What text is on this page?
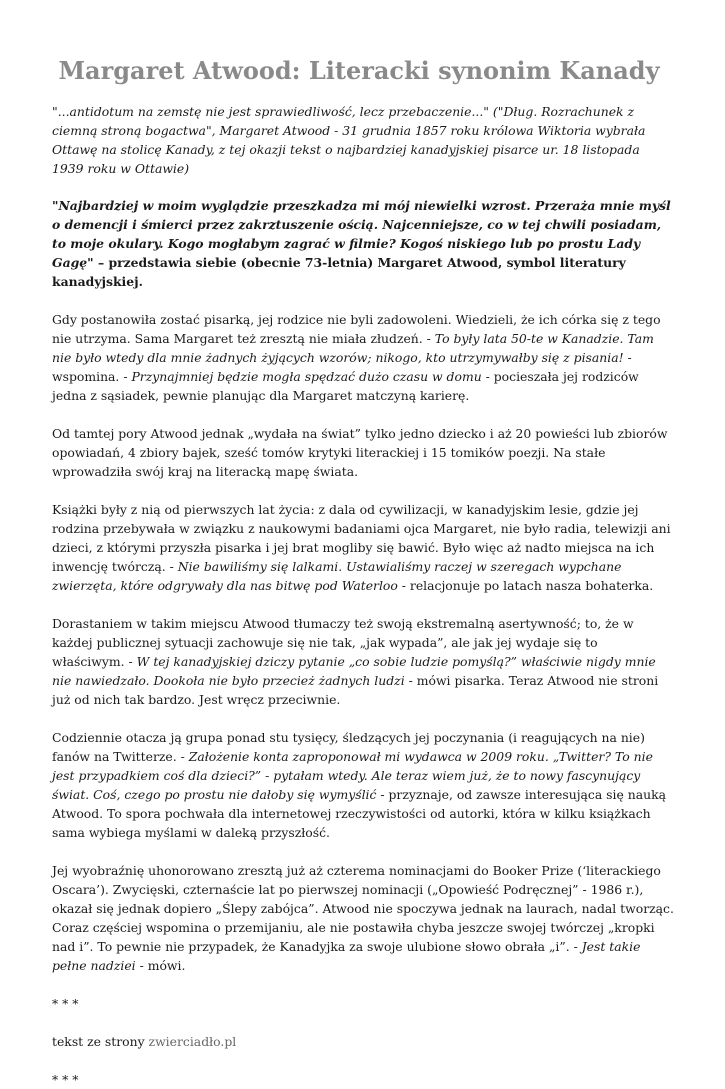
Margaret Atwood: Literacki synonim Kanady

"...antidotum na zemstę nie jest sprawiedliwość, lecz przebaczenie..." ("Dług. Rozrachunek z ciemną stroną bogactwa", Margaret Atwood - 31 grudnia 1857 roku królowa Wiktoria wybrała Ottawę na stolicę Kanady, z tej okazji tekst o najbardziej kanadyjskiej pisarce ur. 18 listopada 1939 roku w Ottawie)

"Najbardziej w moim wyglądzie przeszkadza mi mój niewielki wzrost. Przeraża mnie myśl o demencji i śmierci przez zakrztuszenie ością. Najcenniejsze, co w tej chwili posiadam, to moje okulary. Kogo mogłabym zagrać w filmie? Kogoś niskiego lub po prostu Lady Gagę" – przedstawia siebie (obecnie 73-letnia) Margaret Atwood, symbol literatury kanadyjskiej.

Gdy postanowiła zostać pisarką, jej rodzice nie byli zadowoleni. Wiedzieli, że ich córka się z tego nie utrzyma. Sama Margaret też zresztą nie miała złudzeń. - To były lata 50-te w Kanadzie. Tam nie było wtedy dla mnie żadnych żyjących wzorów; nikogo, kto utrzymywałby się z pisania! - wspomina. - Przynajmniej będzie mogła spędzać dużo czasu w domu - pocieszała jej rodziców jedna z sąsiadek, pewnie planując dla Margaret matczyną karierę.

Od tamtej pory Atwood jednak „wydała na świat” tylko jedno dziecko i aż 20 powieści lub zbiorów opowiadań, 4 zbiory bajek, sześć tomów krytyki literackiej i 15 tomików poezji. Na stałe wprowadziła swój kraj na literacką mapę świata.

Książki były z nią od pierwszych lat życia: z dala od cywilizacji, w kanadyjskim lesie, gdzie jej rodzina przebywała w związku z naukowymi badaniami ojca Margaret, nie było radia, telewizji ani dzieci, z którymi przyszła pisarka i jej brat mogliby się bawić. Było więc aż nadto miejsca na ich inwencję twórczą. - Nie bawiliśmy się lalkami. Ustawialiśmy raczej w szeregach wypchane zwierzęta, które odgrywały dla nas bitwę pod Waterloo - relacjonuje po latach nasza bohaterka.

Dorastaniem w takim miejscu Atwood tłumaczy też swoją ekstremalną asertywność; to, że w każdej publicznej sytuacji zachowuje się nie tak, „jak wypada”, ale jak jej wydaje się to właściwym. - W tej kanadyjskiej dziczy pytanie „co sobie ludzie pomyślą?” właściwie nigdy mnie nie nawiedzało. Dookoła nie było przecież żadnych ludzi - mówi pisarka. Teraz Atwood nie stroni już od nich tak bardzo. Jest wręcz przeciwnie.

Codziennie otacza ją grupa ponad stu tysięcy, śledzących jej poczynania (i reagujących na nie) fanów na Twitterze. - Założenie konta zaproponował mi wydawca w 2009 roku. „Twitter? To nie jest przypadkiem coś dla dzieci?” - pytałam wtedy. Ale teraz wiem już, że to nowy fascynujący świat. Coś, czego po prostu nie dałoby się wymyślić - przyznaje, od zawsze interesująca się nauką Atwood. To spora pochwała dla internetowej rzeczywistości od autorki, która w kilku książkach sama wybiega myślami w daleką przyszłość.

Jej wyobraźnię uhonorowano zresztą już aż czterema nominacjami do Booker Prize (‘literackiego Oscara’). Zwycięski, czternaście lat po pierwszej nominacji („Opowieść Podręcznej” - 1986 r.), okazał się jednak dopiero „Ślepy zabójca”. Atwood nie spoczywa jednak na laurach, nadal tworząc. Coraz częściej wspomina o przemijaniu, ale nie postawiła chyba jeszcze swojej twórczej „kropki nad i”. To pewnie nie przypadek, że Kanadyjka za swoje ulubione słowo obrała „i”. - Jest takie pełne nadziei - mówi.

* * *

tekst ze strony zwierciadło.pl

* * *
